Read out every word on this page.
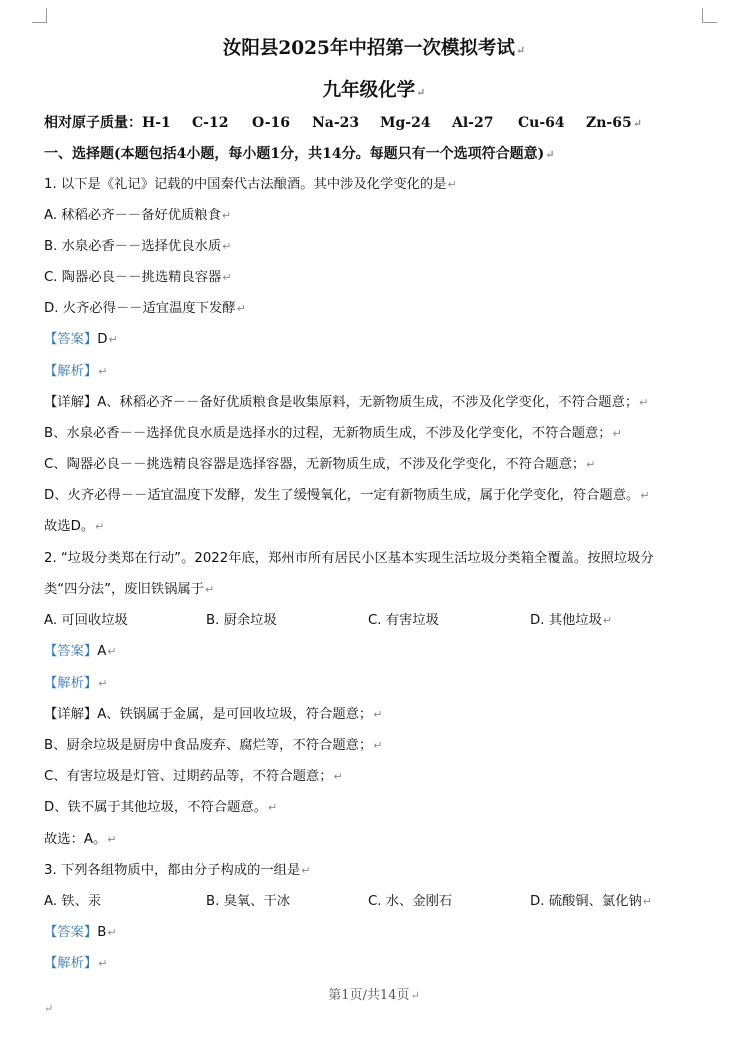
汝阳县2025年中招第一次模拟考试↵
九年级化学↵
相对原子质量：H-1 C-12 O-16 Na-23 Mg-24 Al-27 Cu-64 Zn-65↵
一、选择题(本题包括4小题，每小题1分，共14分。每题只有一个选项符合题意)↵
1. 以下是《礼记》记载的中国秦代古法酿酒。其中涉及化学变化的是↵
A. 秫稻必齐－－备好优质粮食↵
B. 水泉必香－－选择优良水质↵
C. 陶器必良－－挑选精良容器↵
D. 火齐必得－－适宜温度下发酵↵
【答案】D↵
【解析】↵
【详解】A、秫稻必齐－－备好优质粮食是收集原料，无新物质生成，不涉及化学变化，不符合题意；↵
B、水泉必香－－选择优良水质是选择水的过程，无新物质生成，不涉及化学变化，不符合题意；↵
C、陶器必良－－挑选精良容器是选择容器，无新物质生成，不涉及化学变化，不符合题意；↵
D、火齐必得－－适宜温度下发酵，发生了缓慢氧化，一定有新物质生成，属于化学变化，符合题意。↵
故选D。↵
2. “垃圾分类郑在行动”。2022年底，郑州市所有居民小区基本实现生活垃圾分类箱全覆盖。按照垃圾分
类“四分法”，废旧铁锅属于↵
A. 可回收垃圾	B. 厨余垃圾	C. 有害垃圾	D. 其他垃圾 ↵
【答案】A↵
【解析】↵
【详解】A、铁锅属于金属，是可回收垃圾，符合题意；↵
B、厨余垃圾是厨房中食品废弃、腐烂等，不符合题意；↵
C、有害垃圾是灯管、过期药品等，不符合题意；↵
D、铁不属于其他垃圾，不符合题意。↵
故选：A。↵
3. 下列各组物质中，都由分子构成的一组是↵
A. 铁、汞	B. 臭氧、干冰	C. 水、金刚石	D. 硫酸铜、氯化钠 ↵
【答案】B↵
【解析】↵
第1页/共14页↵
↵
